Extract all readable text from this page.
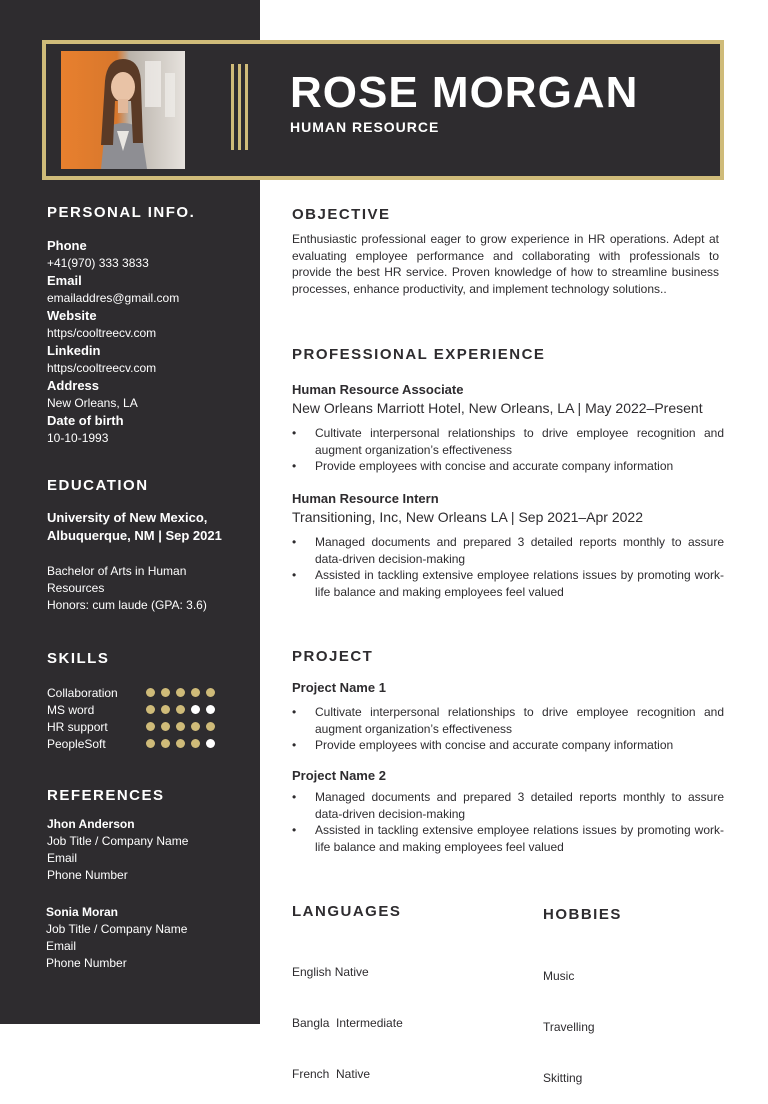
ROSE MORGAN
HUMAN RESOURCE
PERSONAL INFO.
Phone
+41(970) 333 3833
Email
emailaddres@gmail.com
Website
https/cooltreecv.com
Linkedin
https/cooltreecv.com
Address
New Orleans, LA
Date of birth
10-10-1993
EDUCATION
University of New Mexico, Albuquerque, NM | Sep 2021
Bachelor of Arts in Human Resources
Honors: cum laude (GPA: 3.6)
SKILLS
Collaboration
MS word
HR support
PeopleSoft
REFERENCES
Jhon Anderson
Job Title / Company Name
Email
Phone Number
Sonia Moran
Job Title / Company Name
Email
Phone Number
OBJECTIVE
Enthusiastic professional eager to grow experience in HR operations. Adept at evaluating employee performance and collaborating with professionals to provide the best HR service. Proven knowledge of how to streamline business processes, enhance productivity, and implement technology solutions..
PROFESSIONAL EXPERIENCE
Human Resource Associate
New Orleans Marriott Hotel, New Orleans, LA | May 2022–Present
• Cultivate interpersonal relationships to drive employee recognition and augment organization’s effectiveness
• Provide employees with concise and accurate company information
Human Resource Intern
Transitioning, Inc, New Orleans LA | Sep 2021–Apr 2022
• Managed documents and prepared 3 detailed reports monthly to assure data-driven decision-making
• Assisted in tackling extensive employee relations issues by promoting work-life balance and making employees feel valued
PROJECT
Project Name 1
• Cultivate interpersonal relationships to drive employee recognition and augment organization’s effectiveness
• Provide employees with concise and accurate company information
Project Name 2
• Managed documents and prepared 3 detailed reports monthly to assure data-driven decision-making
• Assisted in tackling extensive employee relations issues by promoting work-life balance and making employees feel valued
LANGUAGES

English Native

Bangla  Intermediate

French  Native

HOBBIES

Music

Travelling

Skitting
